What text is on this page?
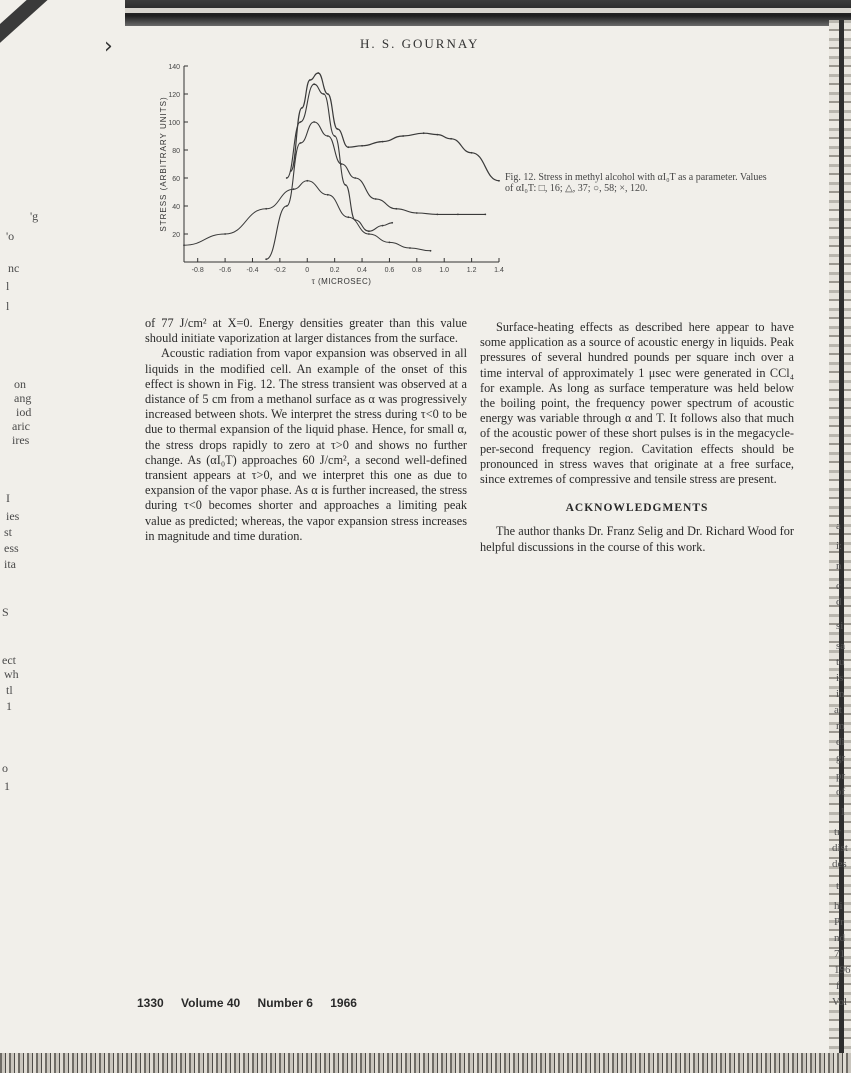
›
'g
'o
nc
l
l
on
ang
iod
aric
ires
I
ies
st
ess
ita
S
ect
wh
tl
1
o
1
a
i:
n
c
d
si
sa
tu
is
in
at
m
di
gr
pr
of
1
tr
dist
des
t
hi
Pr
nd
71
196
f
Vol
H. S. GOURNAY
20
40
60
80
100
120
140
-0.8 -0.6 -0.4 -0.2	0	0.2	0.4	0.6	0.8	1.0	1.2	1.4
τ (MICROSEC)
STRESS (ARBITRARY UNITS)	Fig. 12. Stress in methyl alcohol with αI₀T as a parameter. Values of αI₀T: □, 16; △, 37; ○, 58; ×, 120.

of 77 J/cm² at X=0. Energy densities greater than this value should initiate vaporization at larger distances from the surface.

Acoustic radiation from vapor expansion was observed in all liquids in the modified cell. An example of the onset of this effect is shown in Fig. 12. The stress transient was observed at a distance of 5 cm from a methanol surface as α was progressively increased between shots. We interpret the stress during τ<0 to be due to thermal expansion of the liquid phase. Hence, for small α, the stress drops rapidly to zero at τ>0 and shows no further change. As (αI₀T) approaches 60 J/cm², a second well-defined transient appears at τ>0, and we interpret this one as due to expansion of the vapor phase. As α is further increased, the stress during τ<0 becomes shorter and approaches a limiting peak value as predicted; whereas, the vapor expansion stress increases in magnitude and time duration.

Surface-heating effects as described here appear to have some application as a source of acoustic energy in liquids. Peak pressures of several hundred pounds per square inch over a time interval of approximately 1 μsec were generated in CCl₄ for example. As long as surface temperature was held below the boiling point, the frequency power spectrum of acoustic energy was variable through α and T. It follows also that much of the acoustic power of these short pulses is in the megacycle-per-second frequency region. Cavitation effects should be pronounced in stress waves that originate at a free surface, since extremes of compressive and tensile stress are present.

ACKNOWLEDGMENTS

The author thanks Dr. Franz Selig and Dr. Richard Wood for helpful discussions in the course of this work.

1330 Volume 40 Number 6 1966
